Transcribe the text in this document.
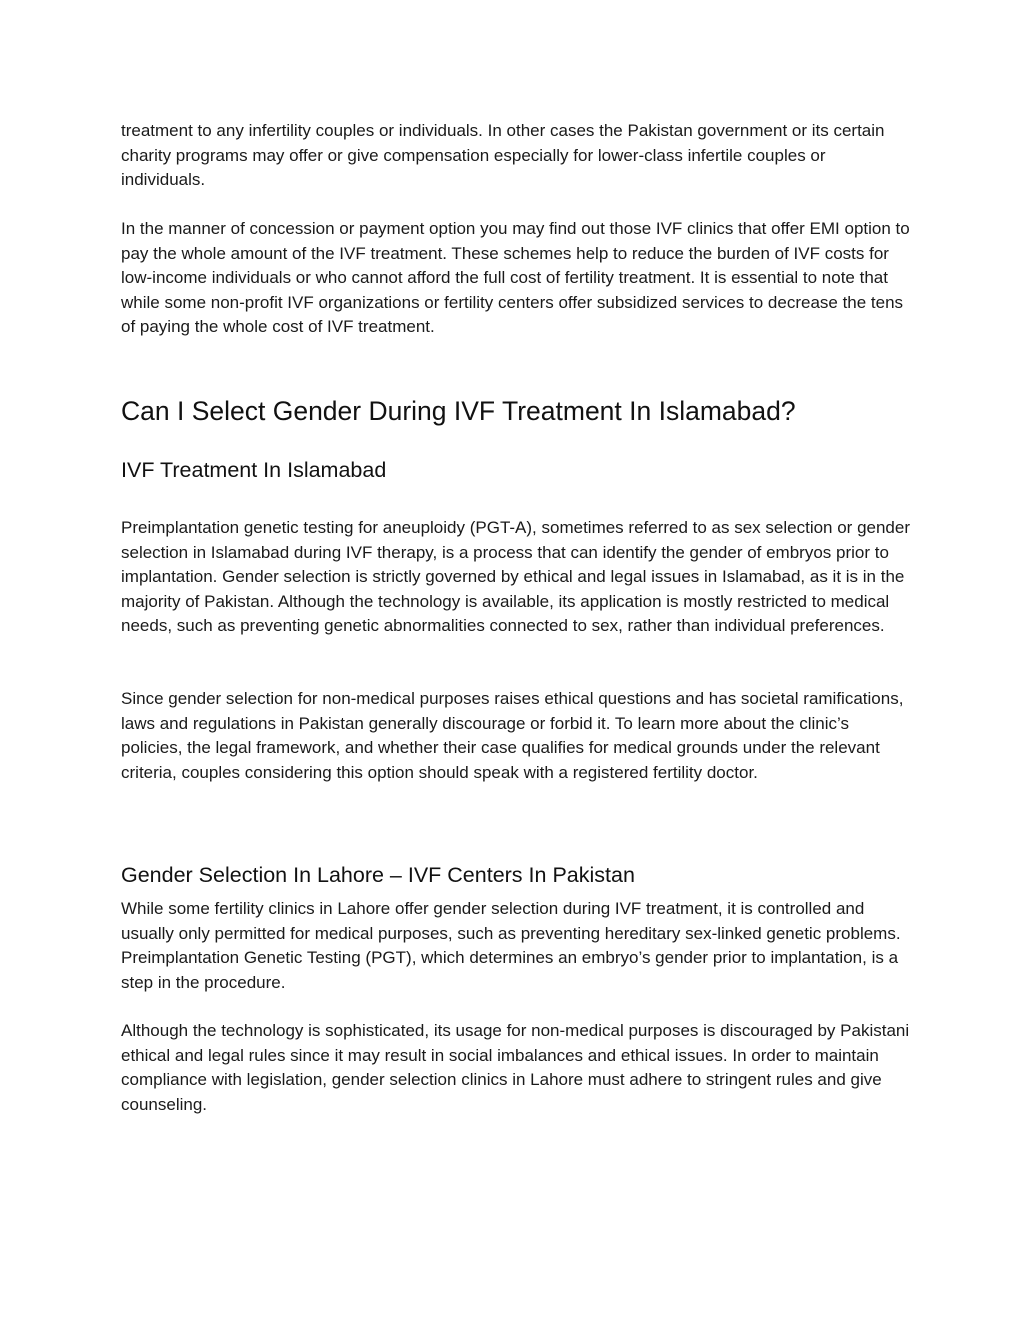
treatment to any infertility couples or individuals. In other cases the Pakistan government or its certain charity programs may offer or give compensation especially for lower-class infertile couples or individuals.

In the manner of concession or payment option you may find out those IVF clinics that offer EMI option to pay the whole amount of the IVF treatment. These schemes help to reduce the burden of IVF costs for low-income individuals or who cannot afford the full cost of fertility treatment. It is essential to note that while some non-profit IVF organizations or fertility centers offer subsidized services to decrease the tens of paying the whole cost of IVF treatment.

Can I Select Gender During IVF Treatment In Islamabad?
IVF Treatment In Islamabad

Preimplantation genetic testing for aneuploidy (PGT-A), sometimes referred to as sex selection or gender selection in Islamabad during IVF therapy, is a process that can identify the gender of embryos prior to implantation. Gender selection is strictly governed by ethical and legal issues in Islamabad, as it is in the majority of Pakistan. Although the technology is available, its application is mostly restricted to medical needs, such as preventing genetic abnormalities connected to sex, rather than individual preferences.

Since gender selection for non-medical purposes raises ethical questions and has societal ramifications, laws and regulations in Pakistan generally discourage or forbid it. To learn more about the clinic’s policies, the legal framework, and whether their case qualifies for medical grounds under the relevant criteria, couples considering this option should speak with a registered fertility doctor.

Gender Selection In Lahore – IVF Centers In Pakistan

While some fertility clinics in Lahore offer gender selection during IVF treatment, it is controlled and usually only permitted for medical purposes, such as preventing hereditary sex-linked genetic problems. Preimplantation Genetic Testing (PGT), which determines an embryo’s gender prior to implantation, is a step in the procedure.

Although the technology is sophisticated, its usage for non-medical purposes is discouraged by Pakistani ethical and legal rules since it may result in social imbalances and ethical issues. In order to maintain compliance with legislation, gender selection clinics in Lahore must adhere to stringent rules and give counseling.
